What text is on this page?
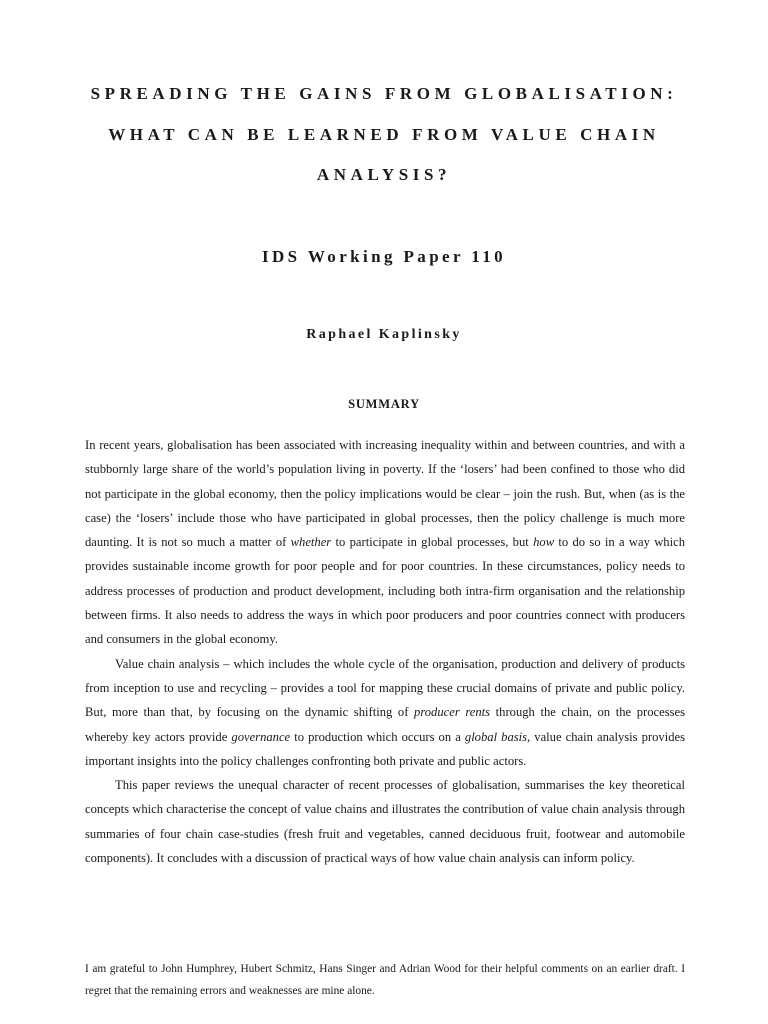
SPREADING THE GAINS FROM GLOBALISATION:
WHAT CAN BE LEARNED FROM VALUE CHAIN
ANALYSIS?
IDS Working Paper 110
Raphael Kaplinsky
SUMMARY

In recent years, globalisation has been associated with increasing inequality within and between countries, and with a stubbornly large share of the world’s population living in poverty. If the ‘losers’ had been confined to those who did not participate in the global economy, then the policy implications would be clear – join the rush. But, when (as is the case) the ‘losers’ include those who have participated in global processes, then the policy challenge is much more daunting. It is not so much a matter of whether to participate in global processes, but how to do so in a way which provides sustainable income growth for poor people and for poor countries. In these circumstances, policy needs to address processes of production and product development, including both intra-firm organisation and the relationship between firms. It also needs to address the ways in which poor producers and poor countries connect with producers and consumers in the global economy.

Value chain analysis – which includes the whole cycle of the organisation, production and delivery of products from inception to use and recycling – provides a tool for mapping these crucial domains of private and public policy. But, more than that, by focusing on the dynamic shifting of producer rents through the chain, on the processes whereby key actors provide governance to production which occurs on a global basis, value chain analysis provides important insights into the policy challenges confronting both private and public actors.

This paper reviews the unequal character of recent processes of globalisation, summarises the key theoretical concepts which characterise the concept of value chains and illustrates the contribution of value chain analysis through summaries of four chain case-studies (fresh fruit and vegetables, canned deciduous fruit, footwear and automobile components). It concludes with a discussion of practical ways of how value chain analysis can inform policy.

I am grateful to John Humphrey, Hubert Schmitz, Hans Singer and Adrian Wood for their helpful comments on an earlier draft. I regret that the remaining errors and weaknesses are mine alone.
